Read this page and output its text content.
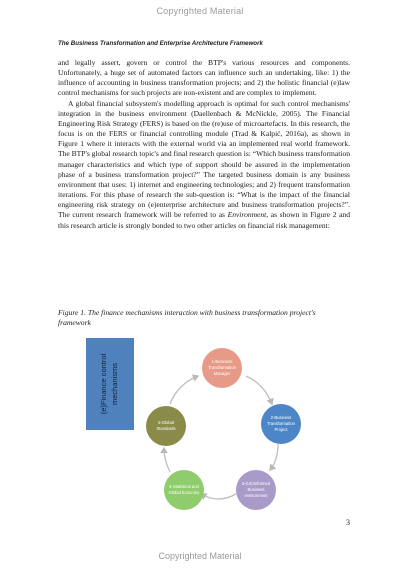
Copyrighted Material
The Business Transformation and Enterprise Architecture Framework

and legally assert, govern or control the BTP's various resources and components. Unfortunately, a huge set of automated factors can influence such an undertaking, like: 1) the influence of accounting in business transformation projects; and 2) the holistic financial (e)law control mechanisms for such projects are non-existent and are complex to implement.

A global financial subsystem's modelling approach is optimal for such control mechanisms' integration in the business environment (Daellenbach & McNickle, 2005). The Financial Engineering Risk Strategy (FERS) is based on the (re)use of microartefacts. In this research, the focus is on the FERS or financial controlling module (Trad & Kalpić, 2016a), as shown in Figure 1 where it interacts with the external world via an implemented real world framework. The BTP's global research topic's and final research question is: “Which business transformation manager characteristics and which type of support should be assured in the implementation phase of a business transformation project?” The targeted business domain is any business environment that uses: 1) internet and engineering technologies; and 2) frequent transformation iterations. For this phase of research the sub-question is: “What is the impact of the financial engineering risk strategy on (e)enterprise architecture and business transformation projects?”. The current research framework will be referred to as Environment, as shown in Figure 2 and this research article is strongly bonded to two other articles on financial risk management:

Figure 1. The finance mechanisms interaction with business transformation project's framework
(e)Finance control mechanisms
1-Business
Transformation
Manager
2-Business
Transformation
Project
3-(Un)Informed
Business
environment
4-Statistical and
Global Economy
5-Global
Standards
3
Copyrighted Material
